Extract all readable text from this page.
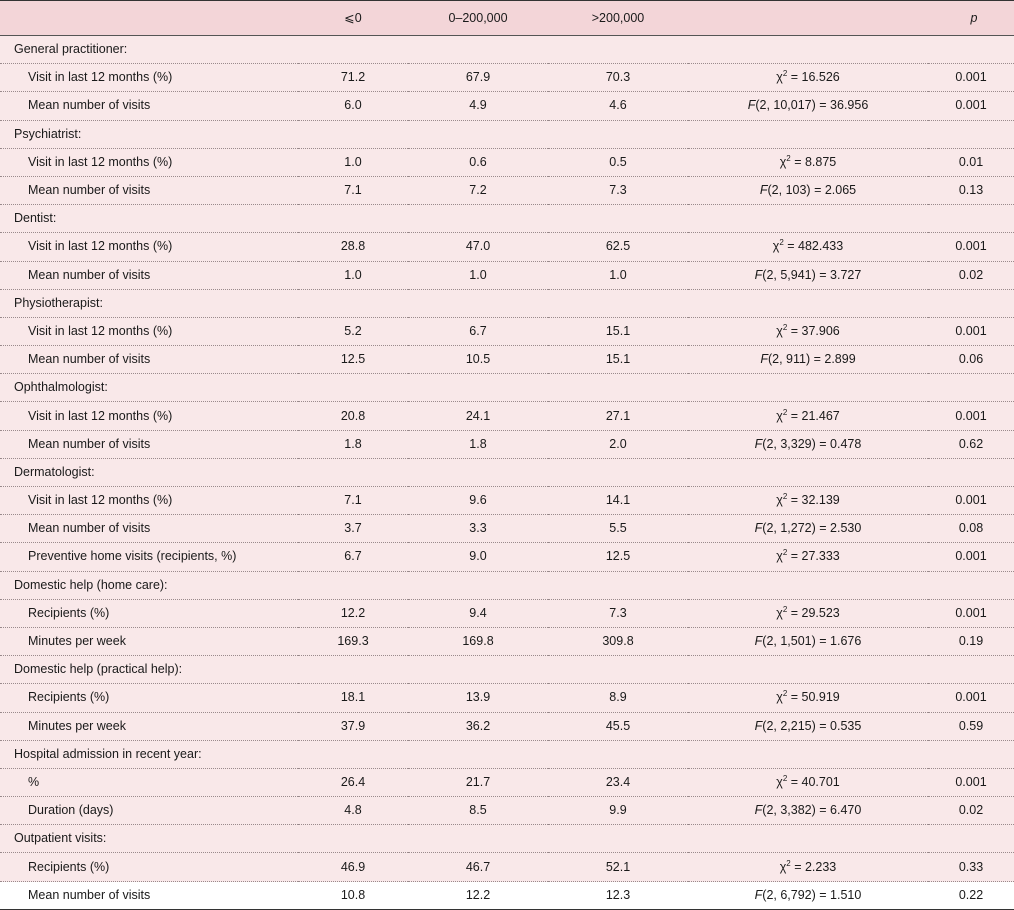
	⩽0	0–200,000	>200,000		p
General practitioner:					
Visit in last 12 months (%)	71.2	67.9	70.3	$\chi^2 = 16.526$	0.001
Mean number of visits	6.0	4.9	4.6	F(2, 10,017) = 36.956	0.001
Psychiatrist:					
Visit in last 12 months (%)	1.0	0.6	0.5	$\chi^2 = 8.875$	0.01
Mean number of visits	7.1	7.2	7.3	F(2, 103) = 2.065	0.13
Dentist:					
Visit in last 12 months (%)	28.8	47.0	62.5	$\chi^2 = 482.433$	0.001
Mean number of visits	1.0	1.0	1.0	F(2, 5,941) = 3.727	0.02
Physiotherapist:					
Visit in last 12 months (%)	5.2	6.7	15.1	$\chi^2 = 37.906$	0.001
Mean number of visits	12.5	10.5	15.1	F(2, 911) = 2.899	0.06
Ophthalmologist:					
Visit in last 12 months (%)	20.8	24.1	27.1	$\chi^2 = 21.467$	0.001
Mean number of visits	1.8	1.8	2.0	F(2, 3,329) = 0.478	0.62
Dermatologist:					
Visit in last 12 months (%)	7.1	9.6	14.1	$\chi^2 = 32.139$	0.001
Mean number of visits	3.7	3.3	5.5	F(2, 1,272) = 2.530	0.08
Preventive home visits (recipients, %)	6.7	9.0	12.5	$\chi^2 = 27.333$	0.001
Domestic help (home care):					
Recipients (%)	12.2	9.4	7.3	$\chi^2 = 29.523$	0.001
Minutes per week	169.3	169.8	309.8	F(2, 1,501) = 1.676	0.19
Domestic help (practical help):					
Recipients (%)	18.1	13.9	8.9	$\chi^2 = 50.919$	0.001
Minutes per week	37.9	36.2	45.5	F(2, 2,215) = 0.535	0.59
Hospital admission in recent year:					
%	26.4	21.7	23.4	$\chi^2 = 40.701$	0.001
Duration (days)	4.8	8.5	9.9	F(2, 3,382) = 6.470	0.02
Outpatient visits:					
Recipients (%)	46.9	46.7	52.1	$\chi^2 = 2.233$	0.33
Mean number of visits	10.8	12.2	12.3	F(2, 6,792) = 1.510	0.22
